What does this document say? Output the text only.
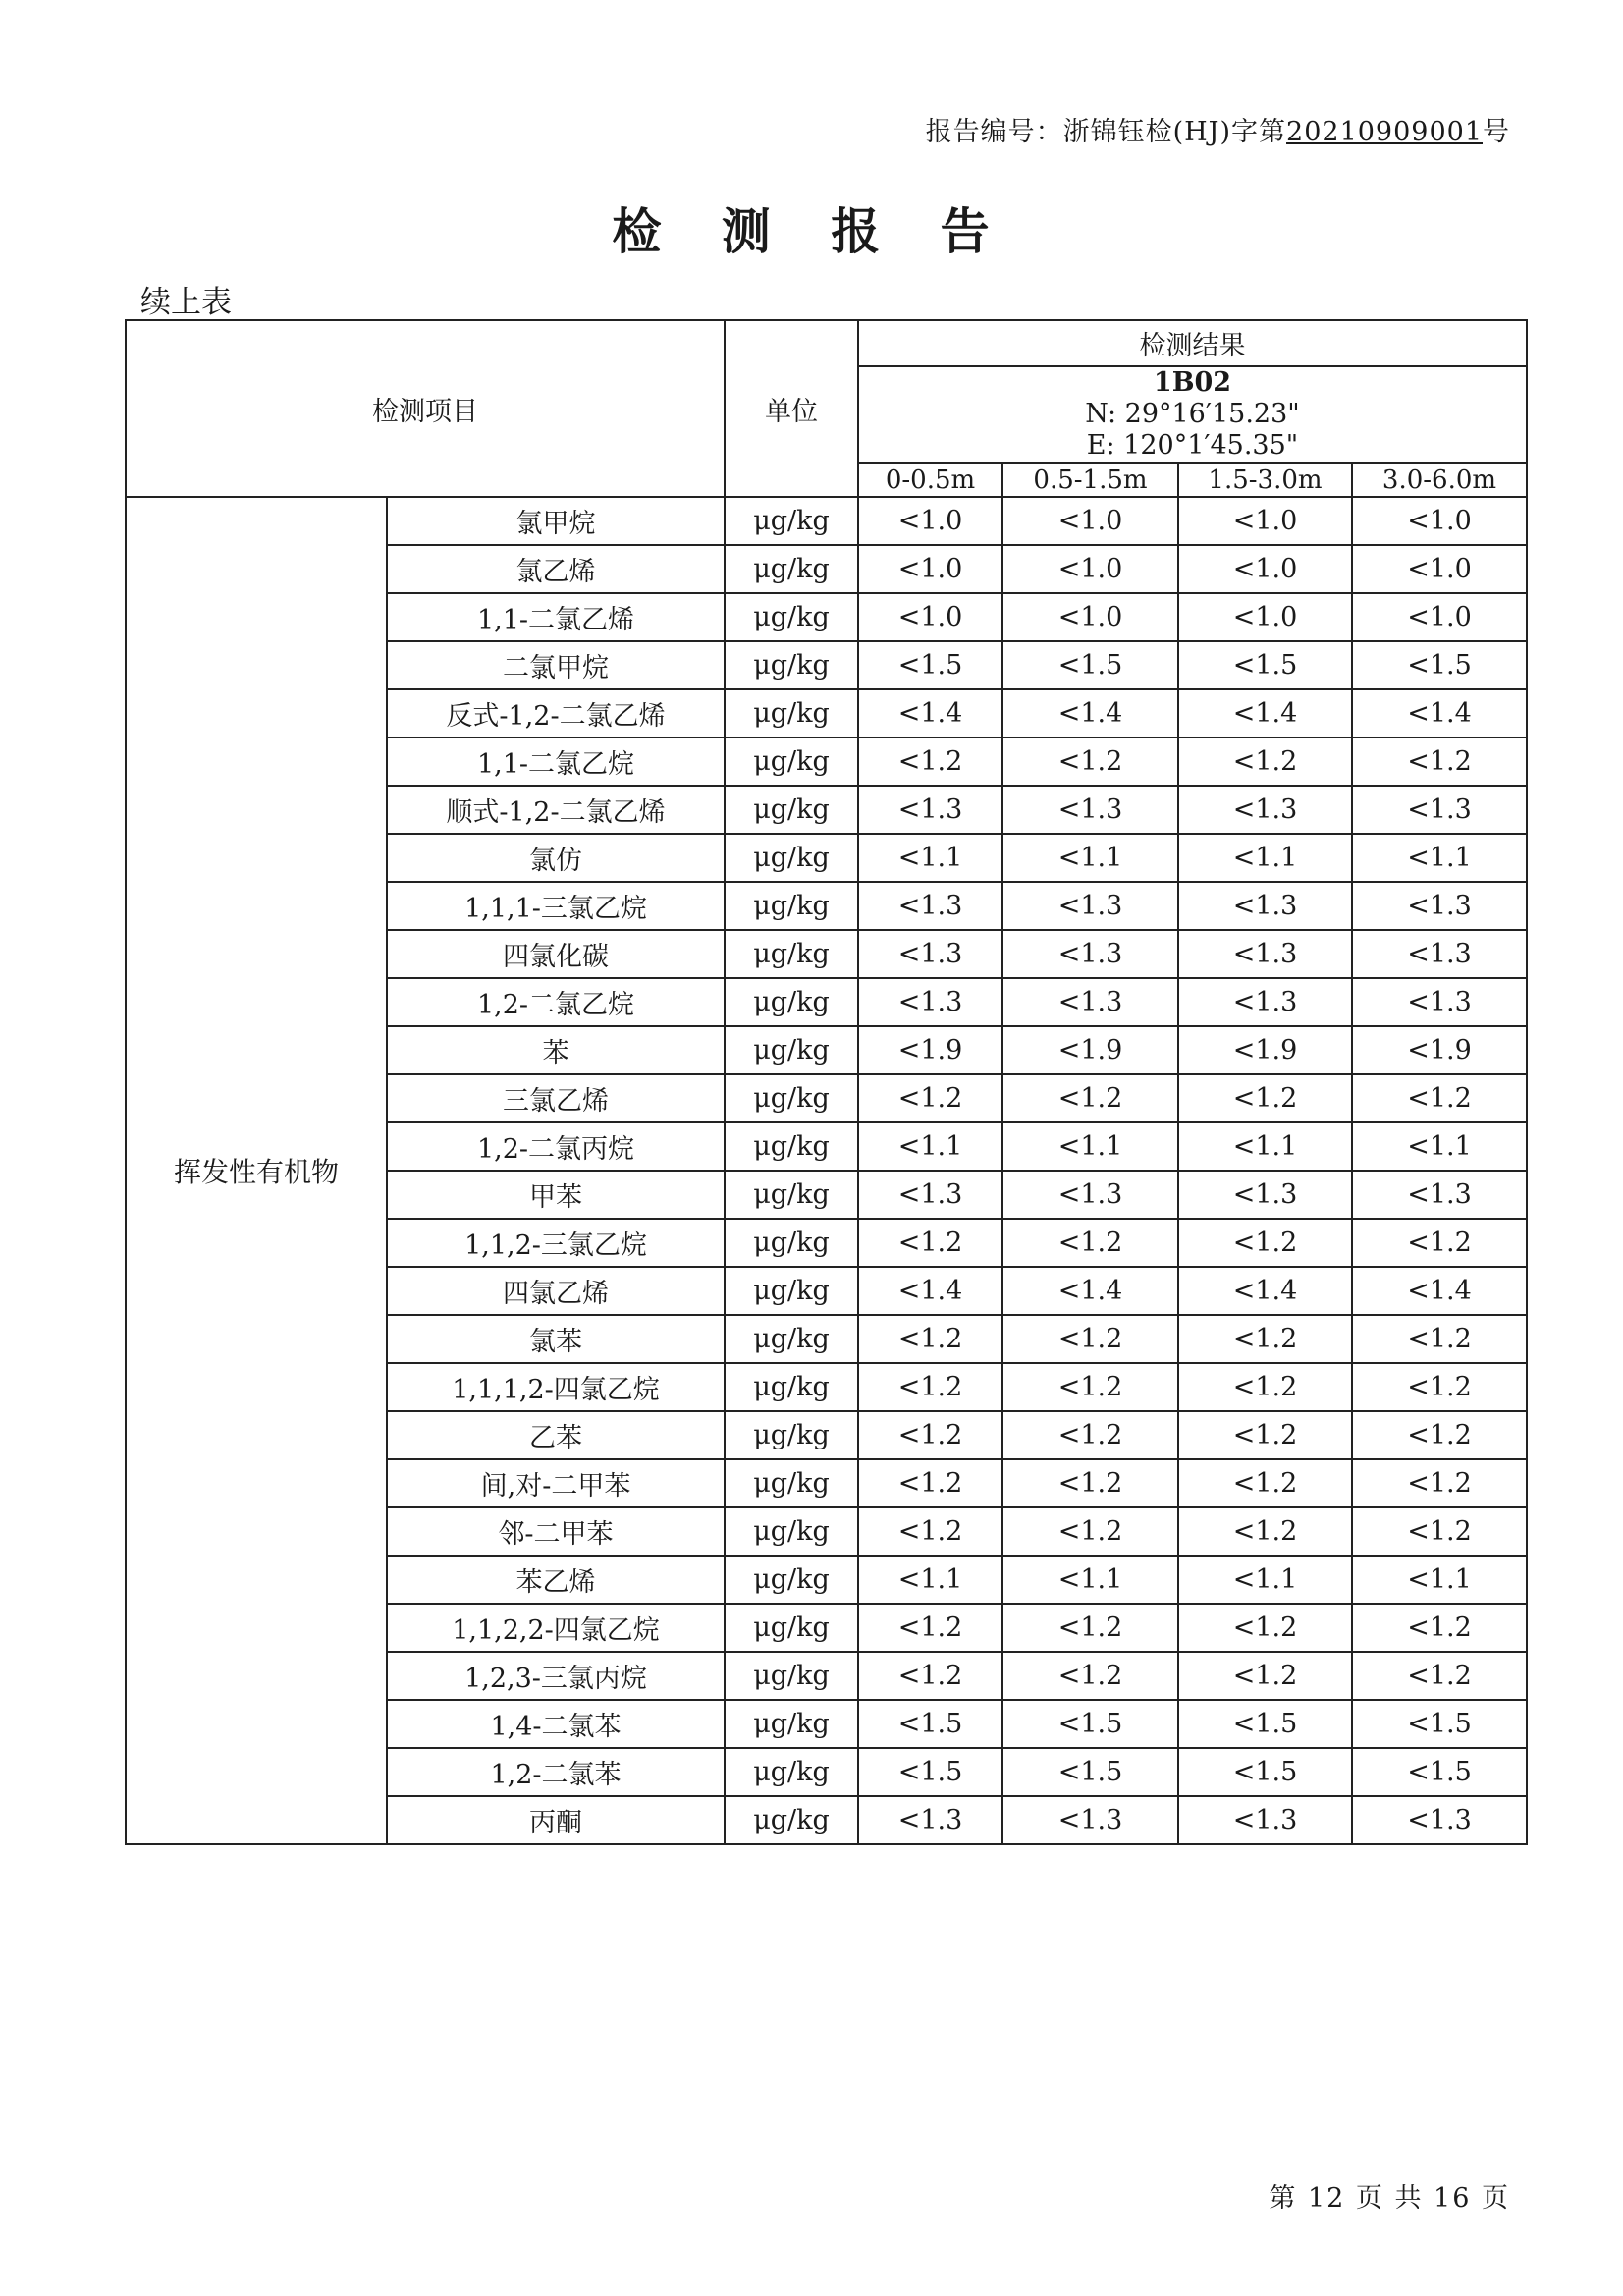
报告编号：浙锦钰检(HJ)字第20210909001号
检 测 报 告
续上表
检测项目		单位	检测结果			

			1B02
N: 29°16′15.23"
E: 120°1′45.35"			

			0-0.5m	0.5-1.5m	1.5-3.0m	3.0-6.0m
挥发性有机物	氯甲烷	μg/kg	<1.0	<1.0	<1.0	<1.0
	氯乙烯	μg/kg	<1.0	<1.0	<1.0	<1.0
	1,1-二氯乙烯	μg/kg	<1.0	<1.0	<1.0	<1.0
	二氯甲烷	μg/kg	<1.5	<1.5	<1.5	<1.5
	反式-1,2-二氯乙烯	μg/kg	<1.4	<1.4	<1.4	<1.4
	1,1-二氯乙烷	μg/kg	<1.2	<1.2	<1.2	<1.2
	顺式-1,2-二氯乙烯	μg/kg	<1.3	<1.3	<1.3	<1.3
	氯仿	μg/kg	<1.1	<1.1	<1.1	<1.1
	1,1,1-三氯乙烷	μg/kg	<1.3	<1.3	<1.3	<1.3
	四氯化碳	μg/kg	<1.3	<1.3	<1.3	<1.3
	1,2-二氯乙烷	μg/kg	<1.3	<1.3	<1.3	<1.3
	苯	μg/kg	<1.9	<1.9	<1.9	<1.9
	三氯乙烯	μg/kg	<1.2	<1.2	<1.2	<1.2
	1,2-二氯丙烷	μg/kg	<1.1	<1.1	<1.1	<1.1
	甲苯	μg/kg	<1.3	<1.3	<1.3	<1.3
	1,1,2-三氯乙烷	μg/kg	<1.2	<1.2	<1.2	<1.2
	四氯乙烯	μg/kg	<1.4	<1.4	<1.4	<1.4
	氯苯	μg/kg	<1.2	<1.2	<1.2	<1.2
	1,1,1,2-四氯乙烷	μg/kg	<1.2	<1.2	<1.2	<1.2
	乙苯	μg/kg	<1.2	<1.2	<1.2	<1.2
	间,对-二甲苯	μg/kg	<1.2	<1.2	<1.2	<1.2
	邻-二甲苯	μg/kg	<1.2	<1.2	<1.2	<1.2
	苯乙烯	μg/kg	<1.1	<1.1	<1.1	<1.1
	1,1,2,2-四氯乙烷	μg/kg	<1.2	<1.2	<1.2	<1.2
	1,2,3-三氯丙烷	μg/kg	<1.2	<1.2	<1.2	<1.2
	1,4-二氯苯	μg/kg	<1.5	<1.5	<1.5	<1.5
	1,2-二氯苯	μg/kg	<1.5	<1.5	<1.5	<1.5
	丙酮	μg/kg	<1.3	<1.3	<1.3	<1.3
第 12 页 共 16 页
